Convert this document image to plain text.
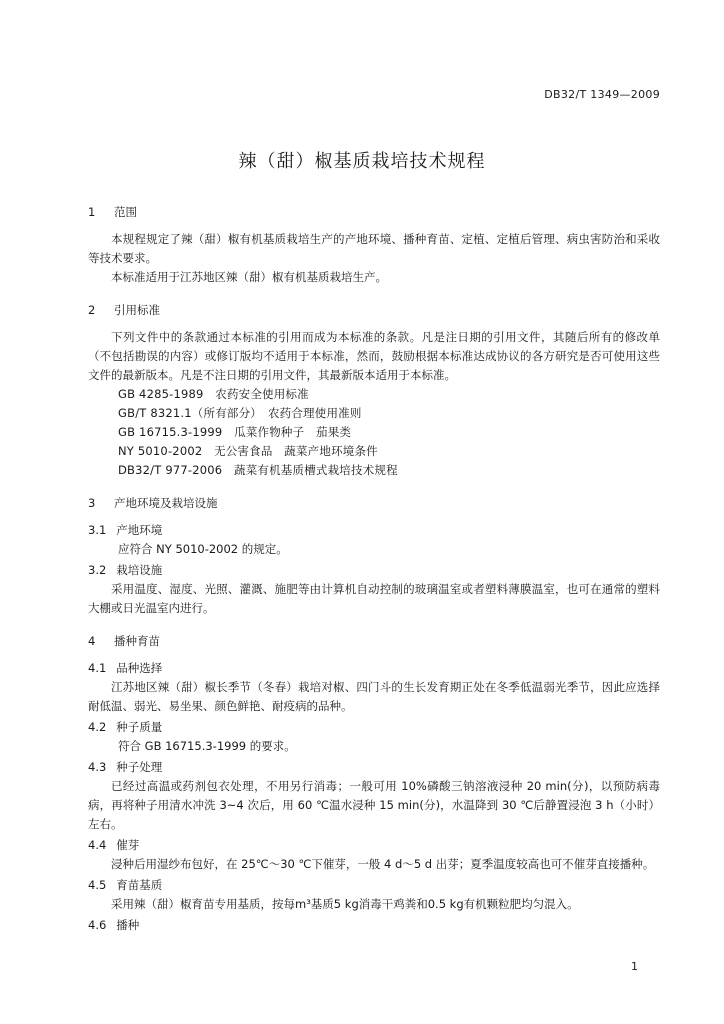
DB32/T 1349—2009
辣（甜）椒基质栽培技术规程
1 范围
本规程规定了辣（甜）椒有机基质栽培生产的产地环境、播种育苗、定植、定植后管理、病虫害防治和采收等技术要求。
本标准适用于江苏地区辣（甜）椒有机基质栽培生产。
2 引用标准
下列文件中的条款通过本标准的引用而成为本标准的条款。凡是注日期的引用文件，其随后所有的修改单（不包括勘误的内容）或修订版均不适用于本标准，然而，鼓励根据本标准达成协议的各方研究是否可使用这些文件的最新版本。凡是不注日期的引用文件，其最新版本适用于本标准。
GB 4285-1989　农药安全使用标准
GB/T 8321.1（所有部分）　农药合理使用准则
GB 16715.3-1999　瓜菜作物种子　茄果类
NY 5010-2002　无公害食品　蔬菜产地环境条件
DB32/T 977-2006　蔬菜有机基质槽式栽培技术规程
3 产地环境及栽培设施
3.1 产地环境
应符合 NY 5010-2002 的规定。
3.2 栽培设施
采用温度、湿度、光照、灌溉、施肥等由计算机自动控制的玻璃温室或者塑料薄膜温室，也可在通常的塑料大棚或日光温室内进行。
4 播种育苗
4.1 品种选择
江苏地区辣（甜）椒长季节（冬春）栽培对椒、四门斗的生长发育期正处在冬季低温弱光季节，因此应选择耐低温、弱光、易坐果、颜色鲜艳、耐疫病的品种。
4.2 种子质量
符合 GB 16715.3-1999 的要求。
4.3 种子处理
已经过高温或药剂包衣处理，不用另行消毒；一般可用 10%磷酸三钠溶液浸种 20 min(分)，以预防病毒病，再将种子用清水冲洗 3~4 次后，用 60 ℃温水浸种 15 min(分)，水温降到 30 ℃后静置浸泡 3 h（小时）左右。
4.4 催芽
浸种后用湿纱布包好，在 25℃～30 ℃下催芽，一般 4 d～5 d 出芽；夏季温度较高也可不催芽直接播种。
4.5 育苗基质
采用辣（甜）椒育苗专用基质，按每m³基质5 kg消毒干鸡粪和0.5 kg有机颗粒肥均匀混入。
4.6 播种
1
